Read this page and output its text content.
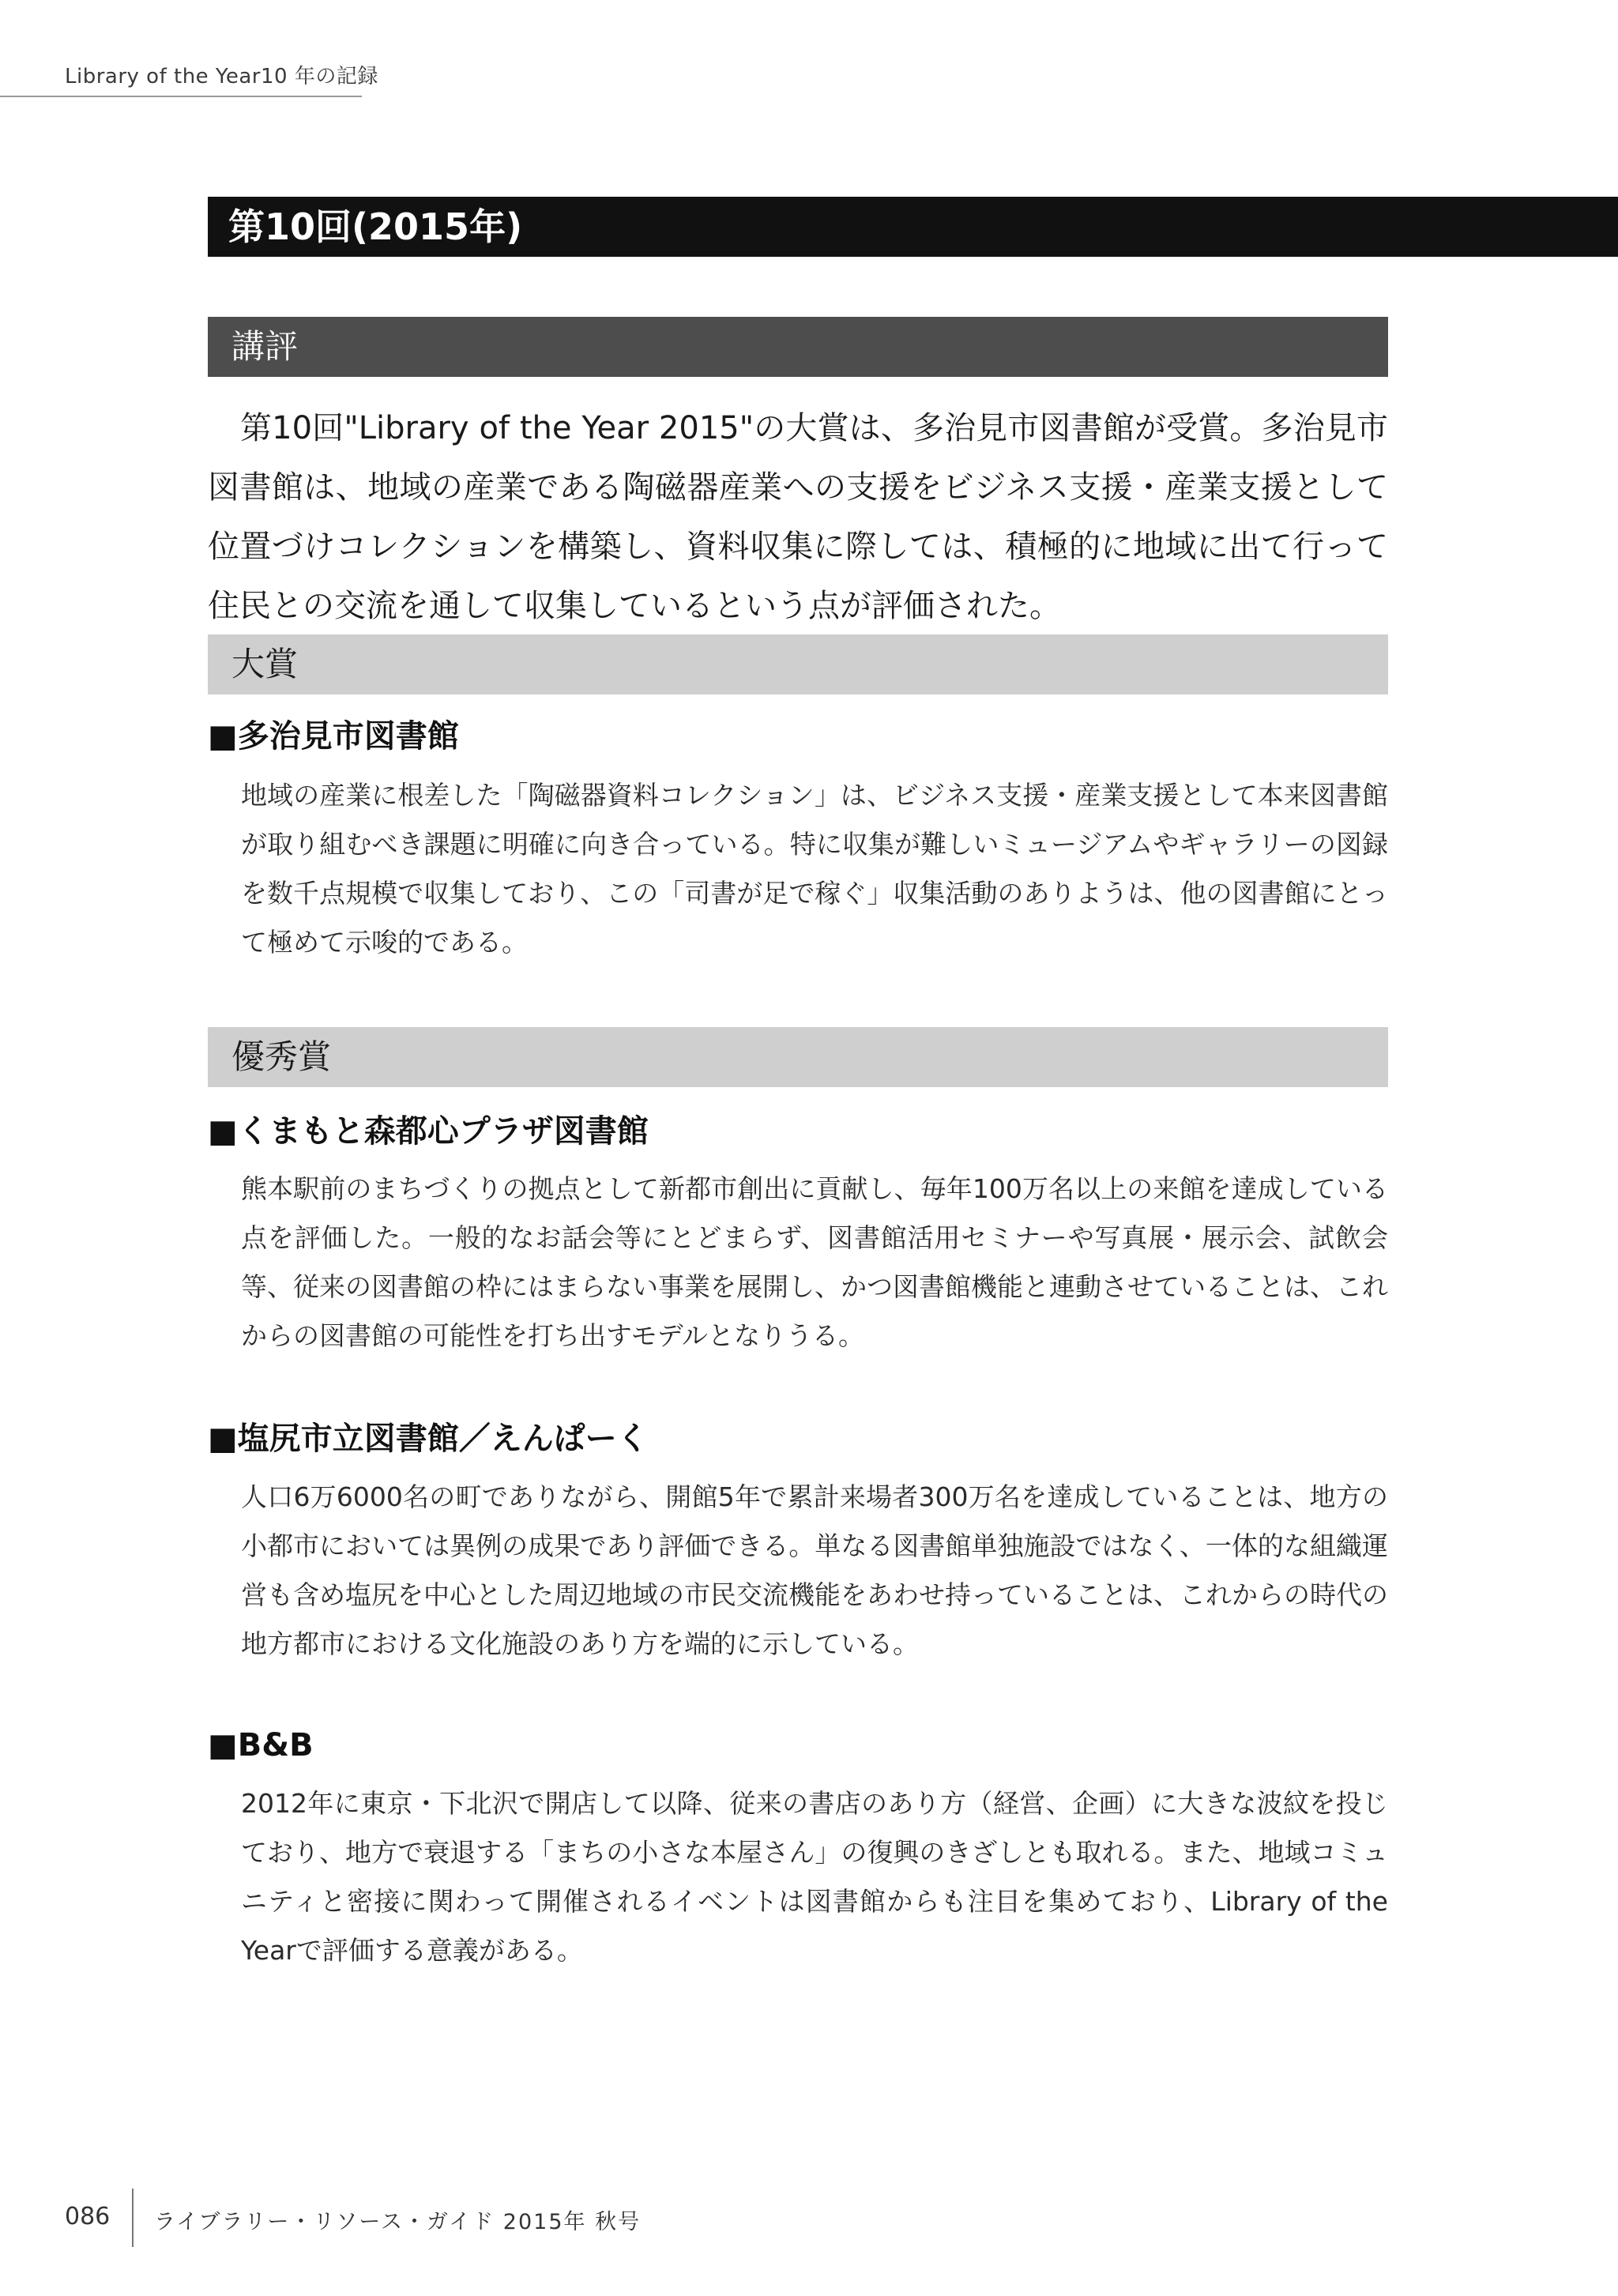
Library of the Year10 年の記録
第10回(2015年)
講評

第10回"Library of the Year 2015"の大賞は、多治見市図書館が受賞。多治見市図書館は、地域の産業である陶磁器産業への支援をビジネス支援・産業支援として位置づけコレクションを構築し、資料収集に際しては、積極的に地域に出て行って住民との交流を通して収集しているという点が評価された。

大賞
■多治見市図書館

地域の産業に根差した「陶磁器資料コレクション」は、ビジネス支援・産業支援として本来図書館が取り組むべき課題に明確に向き合っている。特に収集が難しいミュージアムやギャラリーの図録を数千点規模で収集しており、この「司書が足で稼ぐ」収集活動のありようは、他の図書館にとって極めて示唆的である。

優秀賞
■くまもと森都心プラザ図書館

熊本駅前のまちづくりの拠点として新都市創出に貢献し、毎年100万名以上の来館を達成している点を評価した。一般的なお話会等にとどまらず、図書館活用セミナーや写真展・展示会、試飲会等、従来の図書館の枠にはまらない事業を展開し、かつ図書館機能と連動させていることは、これからの図書館の可能性を打ち出すモデルとなりうる。

■塩尻市立図書館／えんぱーく

人口6万6000名の町でありながら、開館5年で累計来場者300万名を達成していることは、地方の小都市においては異例の成果であり評価できる。単なる図書館単独施設ではなく、一体的な組織運営も含め塩尻を中心とした周辺地域の市民交流機能をあわせ持っていることは、これからの時代の地方都市における文化施設のあり方を端的に示している。

■B&B

2012年に東京・下北沢で開店して以降、従来の書店のあり方（経営、企画）に大きな波紋を投じており、地方で衰退する「まちの小さな本屋さん」の復興のきざしとも取れる。また、地域コミュニティと密接に関わって開催されるイベントは図書館からも注目を集めており、Library of the Yearで評価する意義がある。

086 ライブラリー・リソース・ガイド 2015年 秋号
